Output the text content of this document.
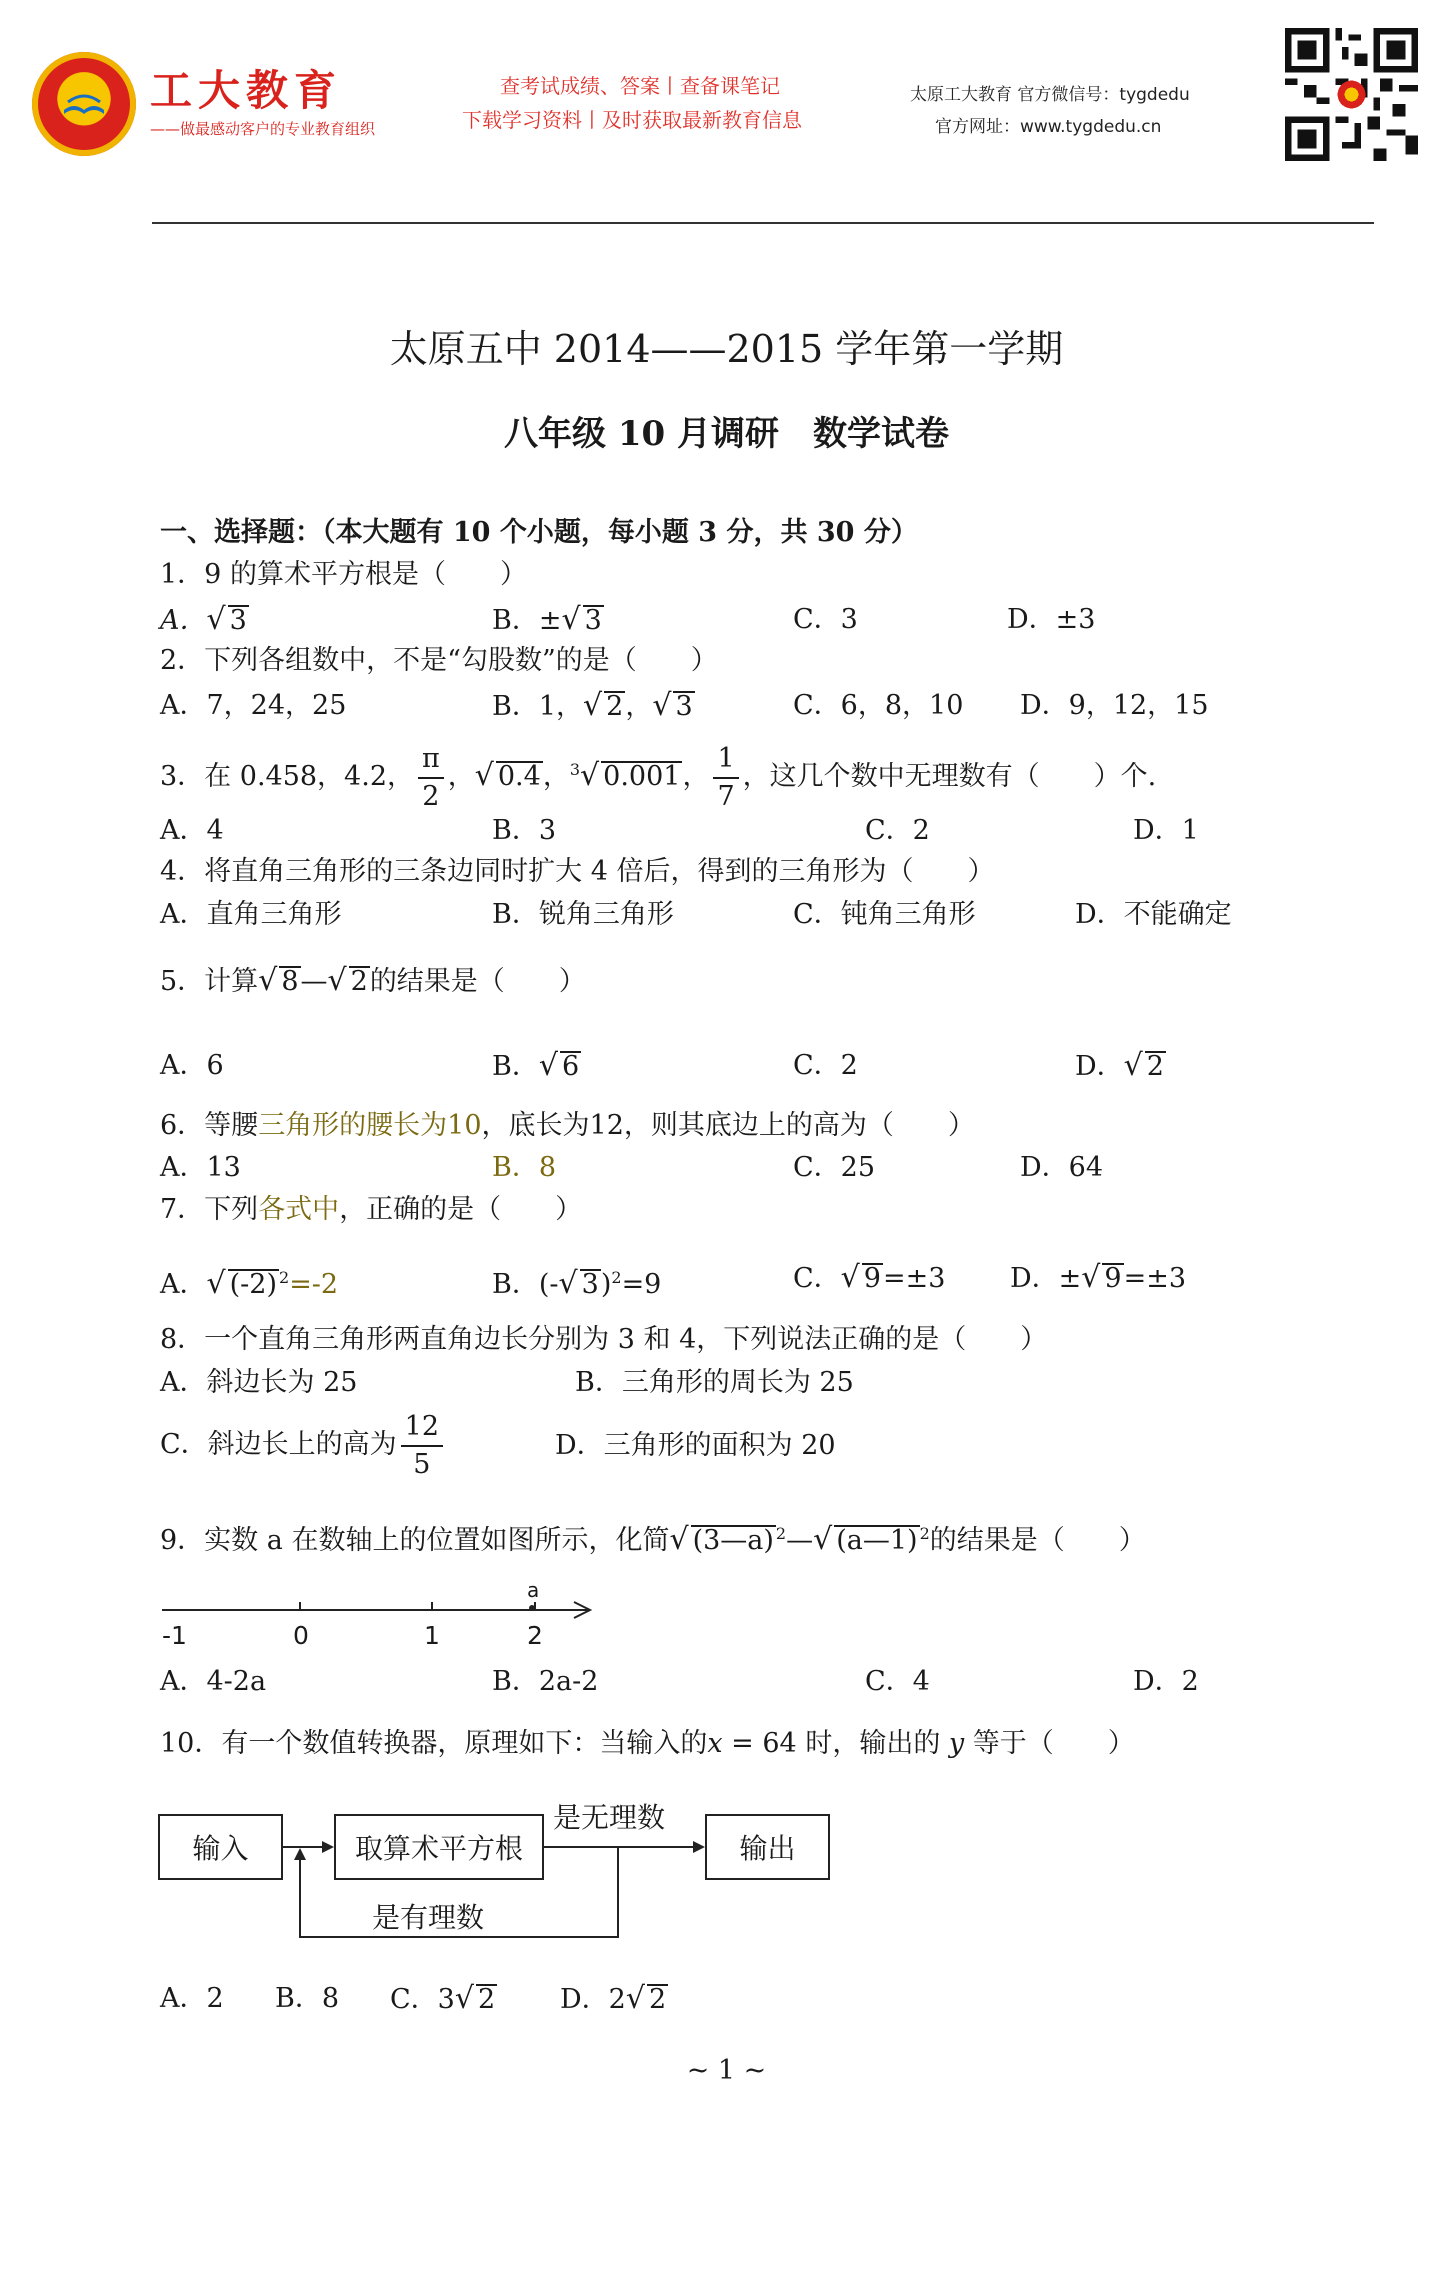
工大教育
——做最感动客户的专业教育组织
查考试成绩、答案丨查备课笔记
下载学习资料丨及时获取最新教育信息
太原工大教育 官方微信号：tygdedu
官方网址：www.tygdedu.cn
太原五中 2014——2015 学年第一学期
八年级 10 月调研　数学试卷
一、选择题：（本大题有 10 个小题，每小题 3 分，共 30 分）
1．9 的算术平方根是（　　）
A．√ 3	B．±√ 3	C．3	D．±3
2．下列各组数中，不是“勾股数”的是（　　）
A．7，24，25	B．1，√ 2，√ 3	C．6，8，10 D．9，12，15
3．在 0.458，4.2， $\frac{\pi}{2}$ ，√ 0.4，$^3$√ 0.001， $\frac{1}{7}$ ，这几个数中无理数有（　　）个.
A．4	B．3	C．2	D．1
4．将直角三角形的三条边同时扩大 4 倍后，得到的三角形为（　　）
A．直角三角形	B．锐角三角形	C．钝角三角形	D．不能确定
5．计算√ 8—√ 2的结果是（　　）
A．6	B．√ 6	C．2	D．√ 2
6．等腰三角形的腰长为10，底长为12，则其底边上的高为（　　）
A．13	B．8	C．25	D．64
7．下列各式中，正确的是（　　）
A．√ (-2) $^2$=-2	B．(-√ 3)$^2$=9	C．√ 9=±3 D．±√ 9=±3
8．一个直角三角形两直角边长分别为 3 和 4，下列说法正确的是（　　）
A．斜边长为 25	B．三角形的周长为 25
C．斜边长上的高为 $\frac{12}{5}$	D．三角形的面积为 20
9．实数 a 在数轴上的位置如图所示，化简√ (3—a) $^2$—√ (a—1) $^2$的结果是（　　）
-1	0	1	2
a
A．4-2a	B．2a-2	C．4	D．2
10．有一个数值转换器，原理如下：当输入的x = 64 时，输出的 y 等于（　　）
输入	取算术平方根	输出
是无理数
是有理数
A．2 B．8 C．3√ 2 D．2√ 2
~ 1 ~
